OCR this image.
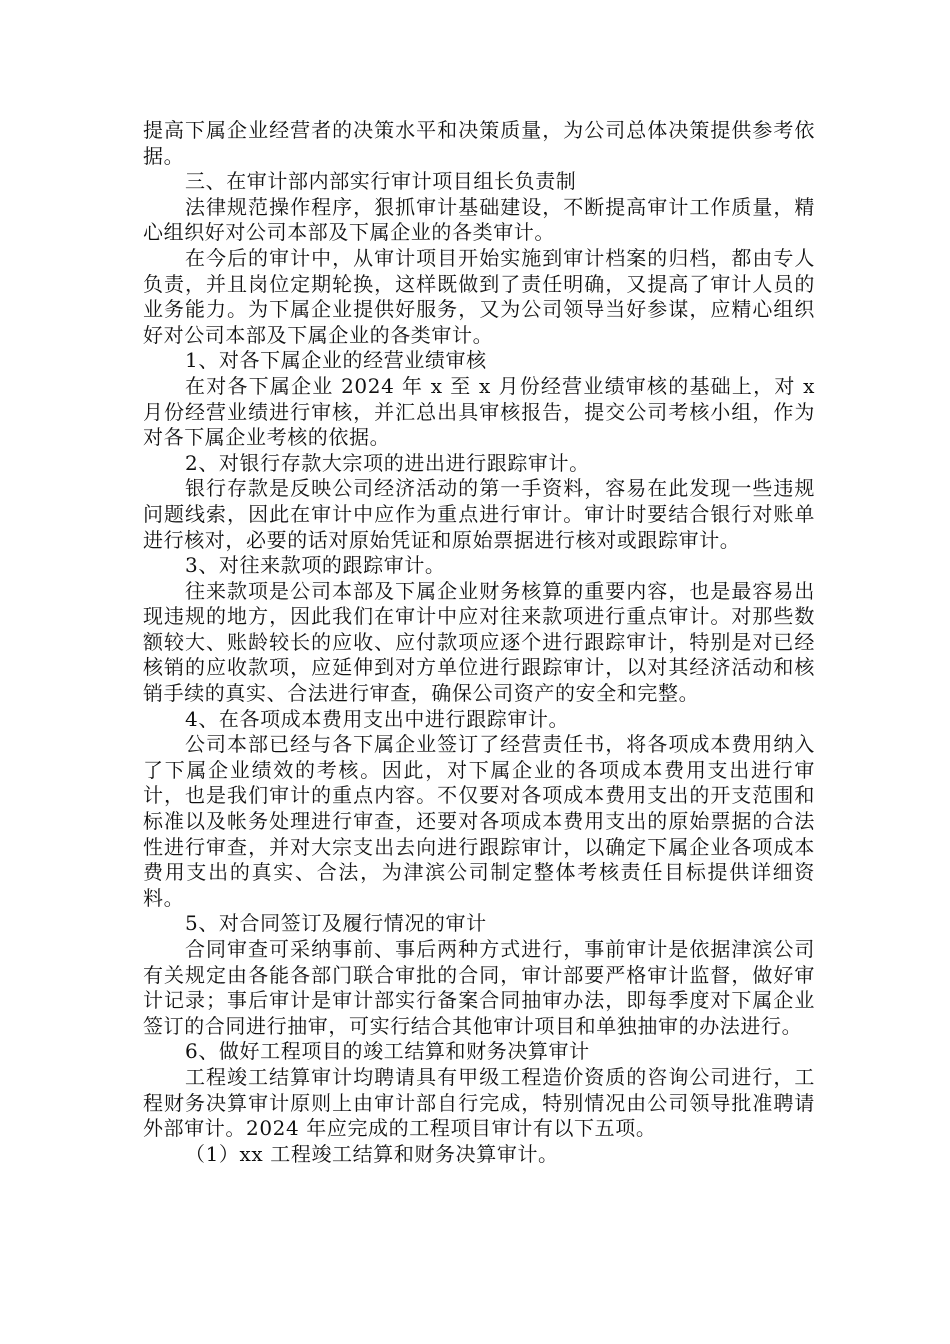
提高下属企业经营者的决策水平和决策质量，为公司总体决策提供参考依据。

三、在审计部内部实行审计项目组长负责制

法律规范操作程序，狠抓审计基础建设，不断提高审计工作质量，精心组织好对公司本部及下属企业的各类审计。

在今后的审计中，从审计项目开始实施到审计档案的归档，都由专人负责，并且岗位定期轮换，这样既做到了责任明确，又提高了审计人员的业务能力。为下属企业提供好服务，又为公司领导当好参谋，应精心组织好对公司本部及下属企业的各类审计。

1、对各下属企业的经营业绩审核

在对各下属企业 2024 年 x 至 x 月份经营业绩审核的基础上，对 x 月份经营业绩进行审核，并汇总出具审核报告，提交公司考核小组，作为对各下属企业考核的依据。

2、对银行存款大宗项的进出进行跟踪审计。

银行存款是反映公司经济活动的第一手资料，容易在此发现一些违规问题线索，因此在审计中应作为重点进行审计。审计时要结合银行对账单进行核对，必要的话对原始凭证和原始票据进行核对或跟踪审计。

3、对往来款项的跟踪审计。

往来款项是公司本部及下属企业财务核算的重要内容，也是最容易出现违规的地方，因此我们在审计中应对往来款项进行重点审计。对那些数额较大、账龄较长的应收、应付款项应逐个进行跟踪审计，特别是对已经核销的应收款项，应延伸到对方单位进行跟踪审计，以对其经济活动和核销手续的真实、合法进行审查，确保公司资产的安全和完整。

4、在各项成本费用支出中进行跟踪审计。

公司本部已经与各下属企业签订了经营责任书，将各项成本费用纳入了下属企业绩效的考核。因此，对下属企业的各项成本费用支出进行审计，也是我们审计的重点内容。不仅要对各项成本费用支出的开支范围和标准以及帐务处理进行审查，还要对各项成本费用支出的原始票据的合法性进行审查，并对大宗支出去向进行跟踪审计，以确定下属企业各项成本费用支出的真实、合法，为津滨公司制定整体考核责任目标提供详细资料。

5、对合同签订及履行情况的审计

合同审查可采纳事前、事后两种方式进行，事前审计是依据津滨公司有关规定由各能各部门联合审批的合同，审计部要严格审计监督，做好审计记录；事后审计是审计部实行备案合同抽审办法，即每季度对下属企业签订的合同进行抽审，可实行结合其他审计项目和单独抽审的办法进行。

6、做好工程项目的竣工结算和财务决算审计

工程竣工结算审计均聘请具有甲级工程造价资质的咨询公司进行，工程财务决算审计原则上由审计部自行完成，特别情况由公司领导批准聘请外部审计。2024 年应完成的工程项目审计有以下五项。

（1）xx 工程竣工结算和财务决算审计。
